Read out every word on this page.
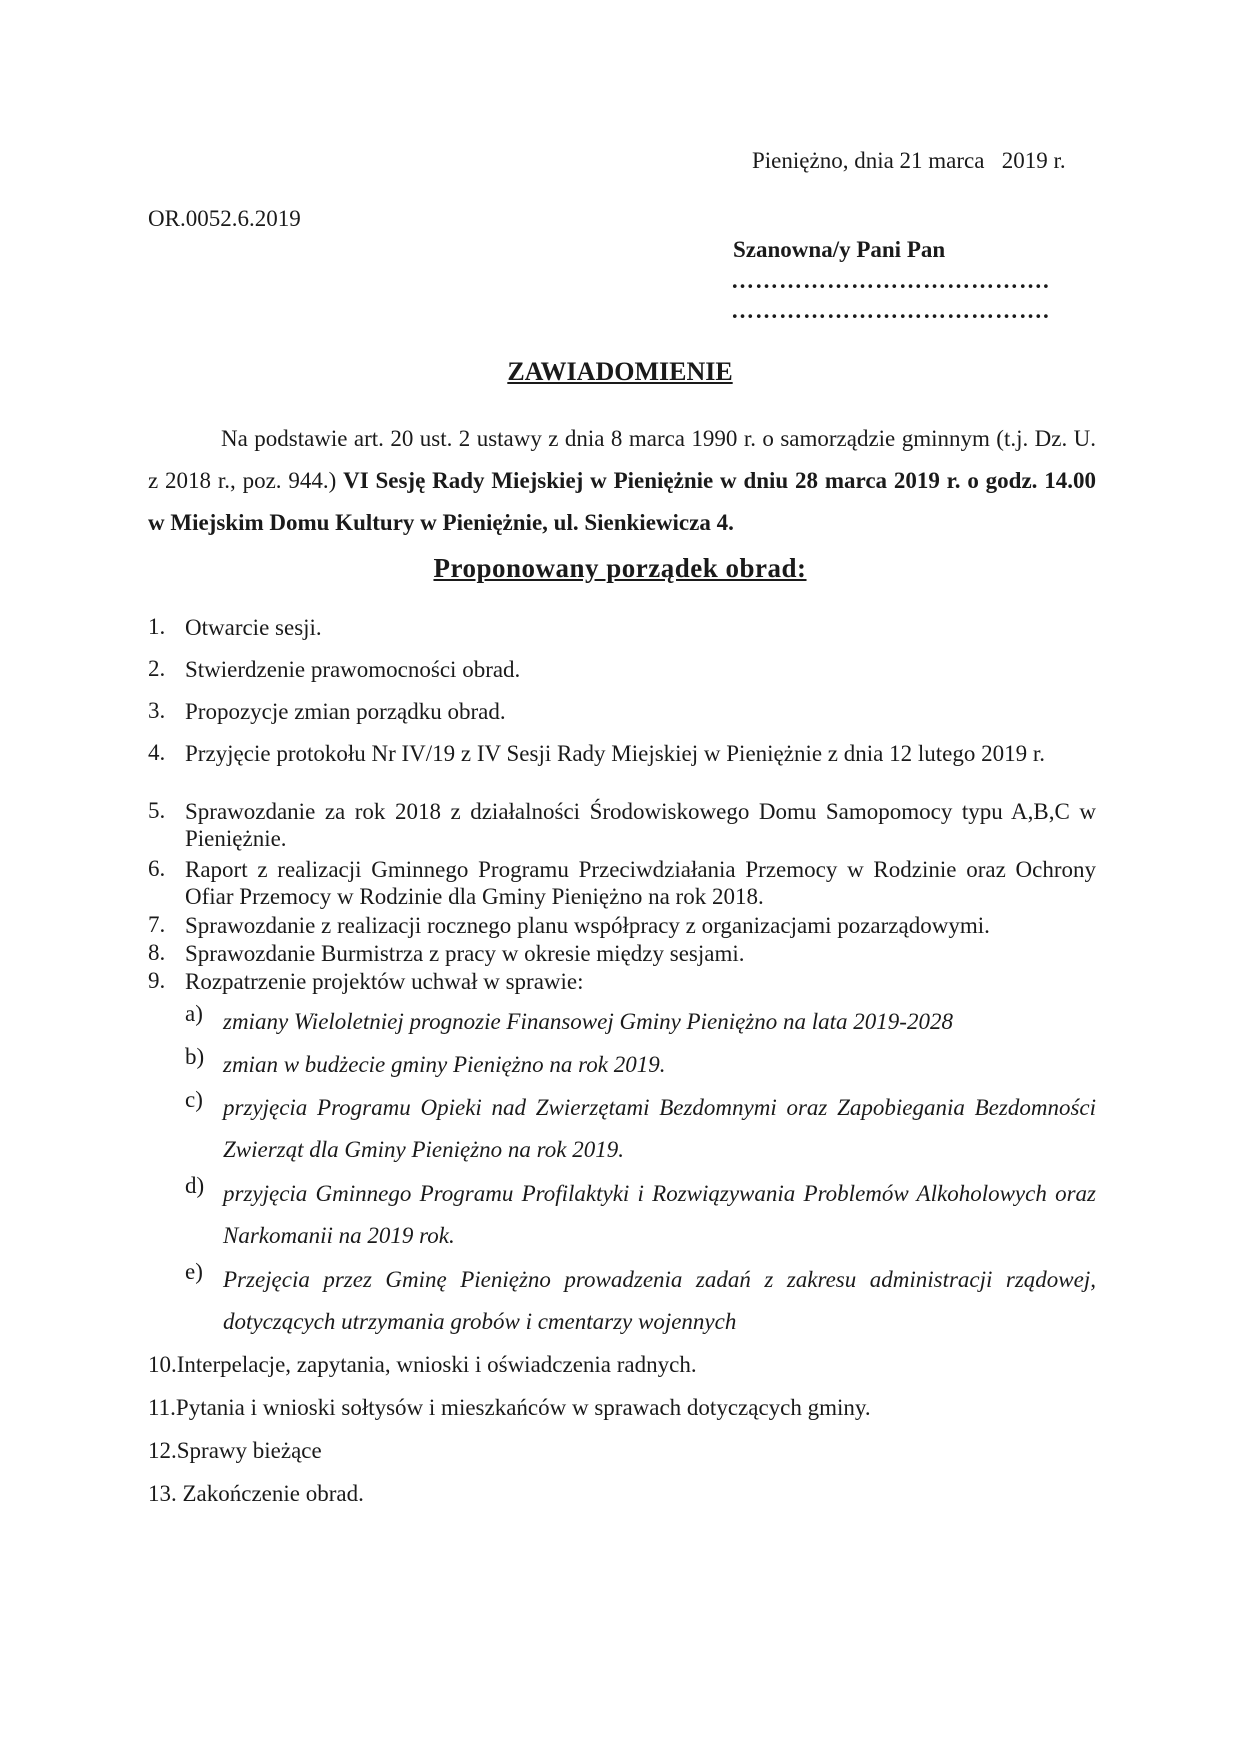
Pieniężno, dnia 21 marca   2019 r.
OR.0052.6.2019
Szanowna/y Pani Pan
………………………………….
………………………………….
ZAWIADOMIENIE
Na podstawie art. 20 ust. 2 ustawy z dnia 8 marca 1990 r. o samorządzie gminnym (t.j. Dz. U. z 2018 r., poz. 944.) VI Sesję Rady Miejskiej w Pieniężnie w dniu 28 marca 2019 r. o godz. 14.00 w Miejskim Domu Kultury w Pieniężnie, ul. Sienkiewicza 4.
Proponowany porządek obrad:
1. Otwarcie sesji.
2. Stwierdzenie prawomocności obrad.
3. Propozycje zmian porządku obrad.
4. Przyjęcie protokołu Nr IV/19 z IV Sesji Rady Miejskiej w Pieniężnie z dnia 12 lutego 2019 r.
5. Sprawozdanie za rok 2018 z działalności Środowiskowego Domu Samopomocy typu A,B,C w Pieniężnie.
6. Raport z realizacji Gminnego Programu Przeciwdziałania Przemocy w Rodzinie oraz Ochrony Ofiar Przemocy w Rodzinie dla Gminy Pieniężno na rok 2018.
7. Sprawozdanie z realizacji rocznego planu współpracy z organizacjami pozarządowymi.
8. Sprawozdanie Burmistrza z pracy w okresie między sesjami.
9. Rozpatrzenie projektów uchwał w sprawie:
a) zmiany Wieloletniej prognozie Finansowej Gminy Pieniężno na lata 2019-2028
b) zmian w budżecie gminy Pieniężno na rok 2019.
c) przyjęcia Programu Opieki nad Zwierzętami Bezdomnymi oraz Zapobiegania Bezdomności Zwierząt dla Gminy Pieniężno na rok 2019.
d) przyjęcia Gminnego Programu Profilaktyki i Rozwiązywania Problemów Alkoholowych oraz Narkomanii na 2019 rok.
e) Przejęcia przez Gminę Pieniężno prowadzenia zadań z zakresu administracji rządowej, dotyczących utrzymania grobów i cmentarzy wojennych
10.Interpelacje, zapytania, wnioski i oświadczenia radnych.
11.Pytania i wnioski sołtysów i mieszkańców w sprawach dotyczących gminy.
12.Sprawy bieżące
13. Zakończenie obrad.
